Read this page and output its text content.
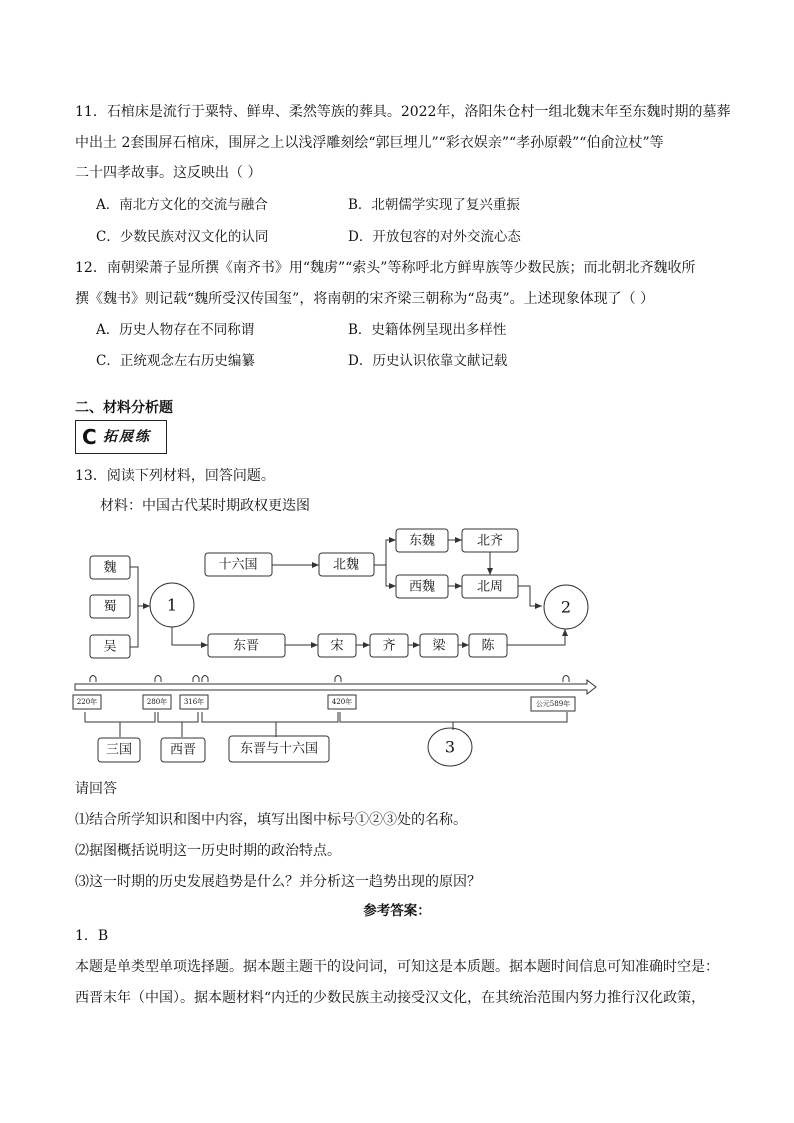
11．石棺床是流行于粟特、鲜卑、柔然等族的葬具。2022年，洛阳朱仓村一组北魏末年至东魏时期的墓葬
中出土 2套围屏石棺床，围屏之上以浅浮雕刻绘“郭巨埋儿”“彩衣娱亲”“孝孙原毂”“伯俞泣杖”等
二十四孝故事。这反映出（ ）
A．南北方文化的交流与融合	B．北朝儒学实现了复兴重振
C．少数民族对汉文化的认同	D．开放包容的对外交流心态
12．南朝梁萧子显所撰《南齐书》用“魏虏”“索头”等称呼北方鲜卑族等少数民族；而北朝北齐魏收所
撰《魏书》则记载“魏所受汉传国玺”，将南朝的宋齐梁三朝称为“岛夷”。上述现象体现了（ ）
A．历史人物存在不同称谓	B．史籍体例呈现出多样性
C．正统观念左右历史编纂	D．历史认识依靠文献记载
二、材料分析题
C 拓展练
13．阅读下列材料，回答问题。
材料：中国古代某时期政权更迭图
魏
蜀
吴
1	2
3
十六国	北魏
东魏
西魏
北齐
北周
东晋	宋	齐	梁	陈
220年	280年 316年	420年	公元589年
三国	西晋	东晋与十六国
请回答
⑴结合所学知识和图中内容，填写出图中标号①②③处的名称。
⑵据图概括说明这一历史时期的政治特点。
⑶这一时期的历史发展趋势是什么？并分析这一趋势出现的原因？
参考答案：
1．B
本题是单类型单项选择题。据本题主题干的设问词，可知这是本质题。据本题时间信息可知准确时空是：
西晋末年（中国）。据本题材料“内迁的少数民族主动接受汉文化，在其统治范围内努力推行汉化政策，
